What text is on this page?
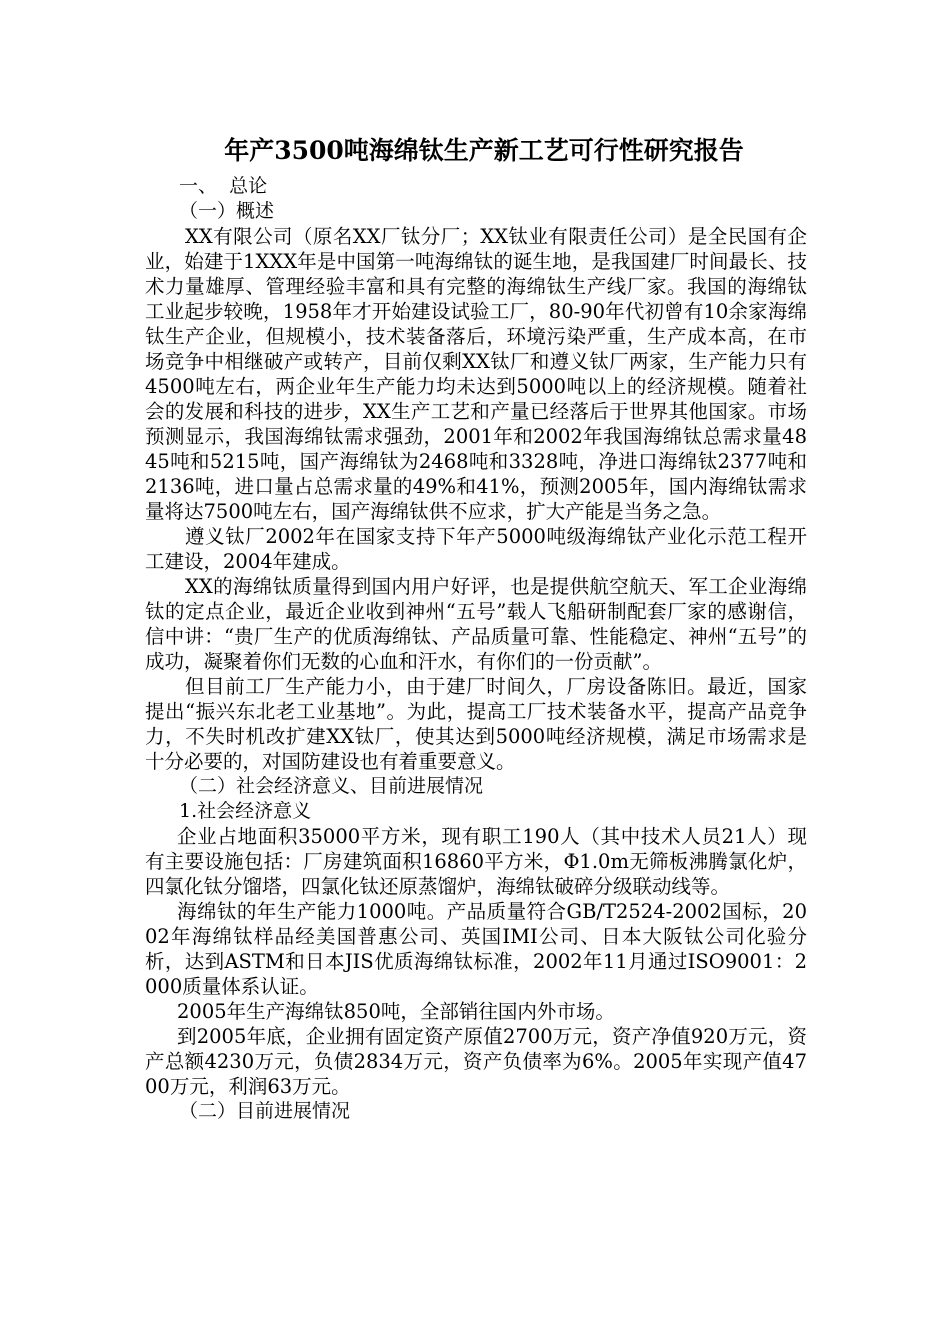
年产3500吨海绵钛生产新工艺可行性研究报告
一、  总论
（一）概述

XX有限公司（原名XX厂钛分厂；XX钛业有限责任公司）是全民国有企业，始建于1XXX年是中国第一吨海绵钛的诞生地，是我国建厂时间最长、技术力量雄厚、管理经验丰富和具有完整的海绵钛生产线厂家。我国的海绵钛工业起步较晚，1958年才开始建设试验工厂，80-90年代初曾有10余家海绵钛生产企业，但规模小，技术装备落后，环境污染严重，生产成本高，在市场竞争中相继破产或转产，目前仅剩XX钛厂和遵义钛厂两家，生产能力只有4500吨左右，两企业年生产能力均未达到5000吨以上的经济规模。随着社会的发展和科技的进步，XX生产工艺和产量已经落后于世界其他国家。市场预测显示，我国海绵钛需求强劲，2001年和2002年我国海绵钛总需求量4845吨和5215吨，国产海绵钛为2468吨和3328吨，净进口海绵钛2377吨和2136吨，进口量占总需求量的49%和41%，预测2005年，国内海绵钛需求量将达7500吨左右，国产海绵钛供不应求，扩大产能是当务之急。

遵义钛厂2002年在国家支持下年产5000吨级海绵钛产业化示范工程开工建设，2004年建成。

XX的海绵钛质量得到国内用户好评，也是提供航空航天、军工企业海绵钛的定点企业，最近企业收到神州“五号”载人飞船研制配套厂家的感谢信，信中讲：“贵厂生产的优质海绵钛、产品质量可靠、性能稳定、神州“五号”的成功，凝聚着你们无数的心血和汗水，有你们的一份贡献”。

但目前工厂生产能力小，由于建厂时间久，厂房设备陈旧。最近，国家提出“振兴东北老工业基地”。为此，提高工厂技术装备水平，提高产品竞争力，不失时机改扩建XX钛厂，使其达到5000吨经济规模，满足市场需求是十分必要的，对国防建设也有着重要意义。

（二）社会经济意义、目前进展情况
1.社会经济意义

企业占地面积35000平方米，现有职工190人（其中技术人员21人）现有主要设施包括：厂房建筑面积16860平方米，Φ1.0m无筛板沸腾氯化炉，四氯化钛分馏塔，四氯化钛还原蒸馏炉，海绵钛破碎分级联动线等。

海绵钛的年生产能力1000吨。产品质量符合GB/T2524-2002国标，2002年海绵钛样品经美国普惠公司、英国IMI公司、日本大阪钛公司化验分析，达到ASTM和日本JIS优质海绵钛标准，2002年11月通过ISO9001：2000质量体系认证。

2005年生产海绵钛850吨，全部销往国内外市场。

到2005年底，企业拥有固定资产原值2700万元，资产净值920万元，资产总额4230万元，负债2834万元，资产负债率为6%。2005年实现产值4700万元，利润63万元。

（二）目前进展情况
